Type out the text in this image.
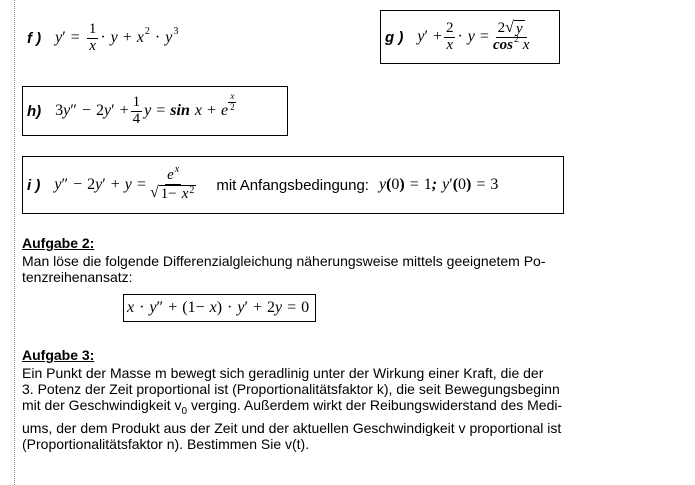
f ) y ′ = $\frac{1}{x} \cdot y + x$ 2 · y 3	g ) y ′ + $\frac{2}{x} \cdot y = \frac{2 √ y}{\cos^2 x}$
h) 3 y ″ − 2 y ′ + $\frac{1}{4}$ y = sin x + e $\frac{x}{2}$
i ) y ″ − 2 y ′ + $y = \frac{e^x}{√ 1- x^2}$ mit Anfangsbedingung: y ( 0 ) = 1 ; y ′ ( 0 ) = 3
Aufgabe 2:
Man löse die folgende Differenzialgleichung näherungsweise mittels geeignetem Po-
tenzreihenansatz:
x · y ″ + (1− x ) · y ′ + 2 y = 0
Aufgabe 3:
Ein Punkt der Masse m bewegt sich geradlinig unter der Wirkung einer Kraft, die der
3. Potenz der Zeit proportional ist (Proportionalitätsfaktor k), die seit Bewegungsbeginn
mit der Geschwindigkeit $v_0$ verging. Außerdem wirkt der Reibungswiderstand des Medi-
ums, der dem Produkt aus der Zeit und der aktuellen Geschwindigkeit v proportional ist
(Proportionalitätsfaktor n). Bestimmen Sie v(t).
